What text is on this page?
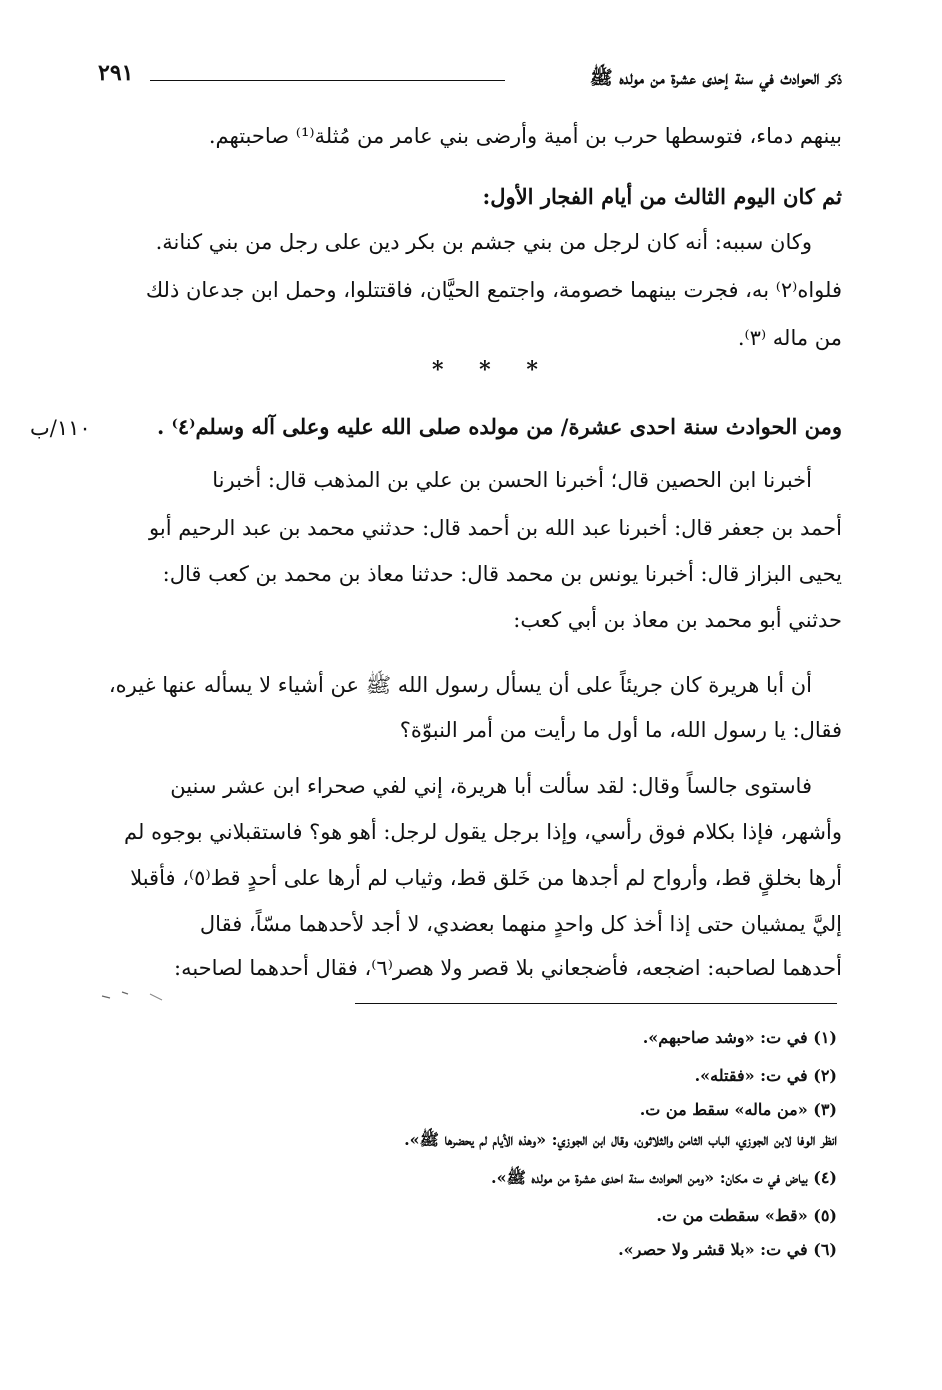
ذكر الحوادث في سنة إحدى عشرة من مولده ﷺ
٢٩١
بينهم دماء، فتوسطها حرب بن أمية وأرضى بني عامر من مُثلة⁽¹⁾ صاحبتهم.
ثم كان اليوم الثالث من أيام الفجار الأول:
وكان سببه: أنه كان لرجل من بني جشم بن بكر دين على رجل من بني كنانة.
فلواه⁽٢⁾ به، فجرت بينهما خصومة، واجتمع الحيَّان، فاقتتلوا، وحمل ابن جدعان ذلك
من ماله ⁽٣⁾.
* * *
ومن الحوادث سنة احدى عشرة/ من مولده صلى الله عليه وعلى آله وسلم⁽٤⁾ .
١١٠/ب
أخبرنا ابن الحصين قال؛ أخبرنا الحسن بن علي بن المذهب قال: أخبرنا
أحمد بن جعفر قال: أخبرنا عبد الله بن أحمد قال: حدثني محمد بن عبد الرحيم أبو
يحيى البزاز قال: أخبرنا يونس بن محمد قال: حدثنا معاذ بن محمد بن كعب قال:
حدثني أبو محمد بن معاذ بن أبي كعب:
أن أبا هريرة كان جريئاً على أن يسأل رسول الله ﷺ عن أشياء لا يسأله عنها غيره،
فقال: يا رسول الله، ما أول ما رأيت من أمر النبوّة؟
فاستوى جالساً وقال: لقد سألت أبا هريرة، إني لفي صحراء ابن عشر سنين
وأشهر، فإذا بكلام فوق رأسي، وإذا برجل يقول لرجل: أهو هو؟ فاستقبلاني بوجوه لم
أرها بخلقٍ قط، وأرواح لم أجدها من خَلق قط، وثياب لم أرها على أحدٍ قط⁽٥⁾، فأقبلا
إليَّ يمشيان حتى إذا أخذ كل واحدٍ منهما بعضدي، لا أجد لأحدهما مسّاً، فقال
أحدهما لصاحبه: اضجعه، فأضجعاني بلا قصر ولا هصر⁽٦⁾، فقال أحدهما لصاحبه:
(١) في ت: «وشد صاحبهم».
(٢) في ت: «فقتله».
(٣) «من ماله» سقط من ت.
انظر الوفا لابن الجوزي، الباب الثامن والثلاثون، وقال ابن الجوزي: «وهذه الأيام لم يحضرها ﷺ».
(٤) بياض في ت مكان: «ومن الحوادث سنة احدى عشرة من مولده ﷺ».
(٥) «قط» سقطت من ت.
(٦) في ت: «بلا قشر ولا حصر».
